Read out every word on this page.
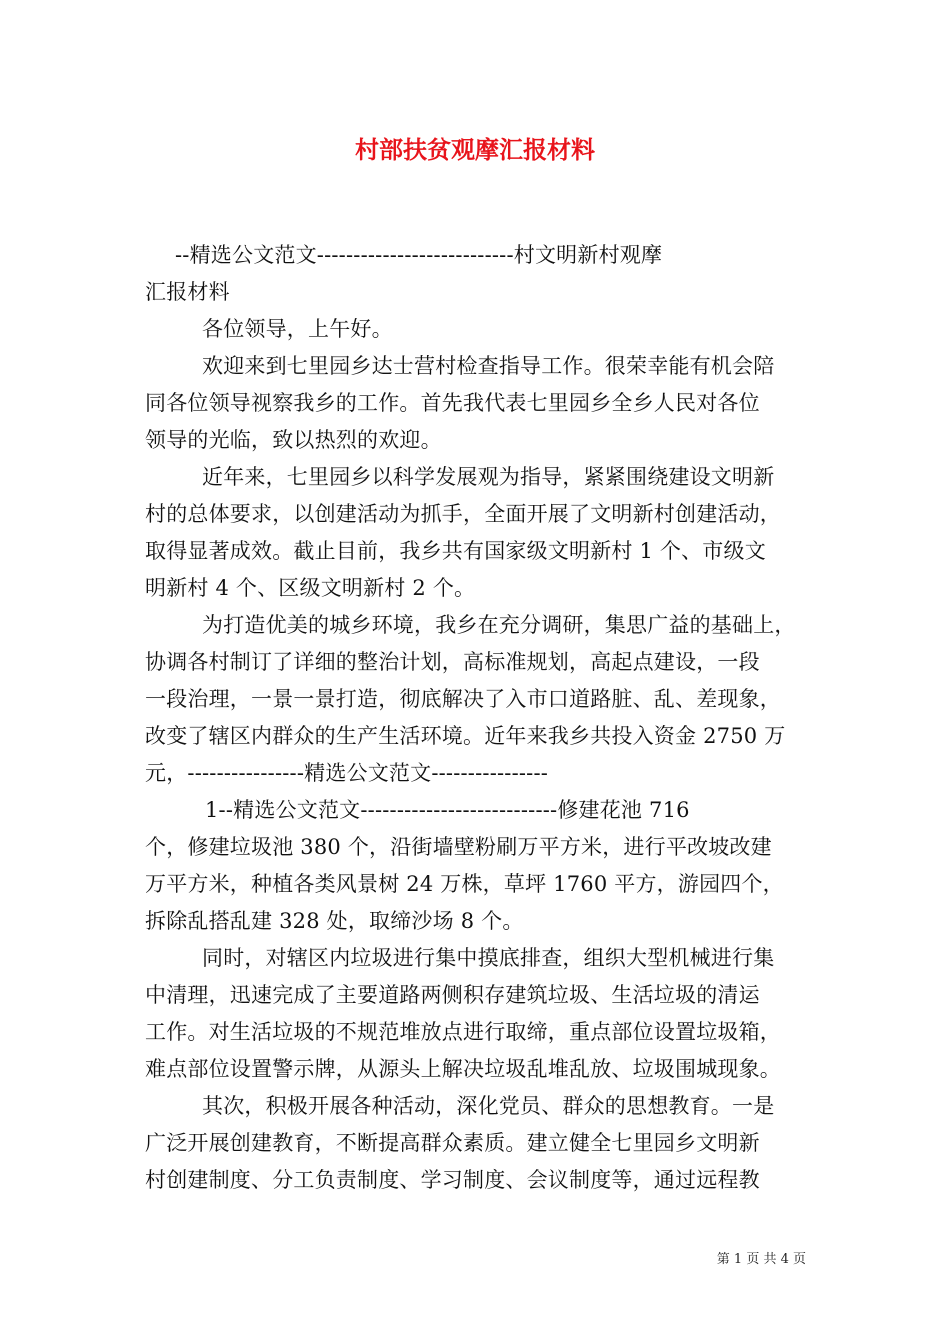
村部扶贫观摩汇报材料
--精选公文范文---------------------------村文明新村观摩
汇报材料
各位领导，上午好。
欢迎来到七里园乡达士营村检查指导工作。很荣幸能有机会陪
同各位领导视察我乡的工作。首先我代表七里园乡全乡人民对各位
领导的光临，致以热烈的欢迎。
近年来，七里园乡以科学发展观为指导，紧紧围绕建设文明新
村的总体要求，以创建活动为抓手，全面开展了文明新村创建活动，
取得显著成效。截止目前，我乡共有国家级文明新村 1 个、市级文
明新村 4 个、区级文明新村 2 个。
为打造优美的城乡环境，我乡在充分调研，集思广益的基础上，
协调各村制订了详细的整治计划，高标准规划，高起点建设，一段
一段治理，一景一景打造，彻底解决了入市口道路脏、乱、差现象，
改变了辖区内群众的生产生活环境。近年来我乡共投入资金 2750 万
元，----------------精选公文范文----------------
1--精选公文范文---------------------------修建花池 716
个，修建垃圾池 380 个，沿街墙壁粉刷万平方米，进行平改坡改建
万平方米，种植各类风景树 24 万株，草坪 1760 平方，游园四个，
拆除乱搭乱建 328 处，取缔沙场 8 个。
同时，对辖区内垃圾进行集中摸底排查，组织大型机械进行集
中清理，迅速完成了主要道路两侧积存建筑垃圾、生活垃圾的清运
工作。对生活垃圾的不规范堆放点进行取缔，重点部位设置垃圾箱，
难点部位设置警示牌，从源头上解决垃圾乱堆乱放、垃圾围城现象。
其次，积极开展各种活动，深化党员、群众的思想教育。一是
广泛开展创建教育，不断提高群众素质。建立健全七里园乡文明新
村创建制度、分工负责制度、学习制度、会议制度等，通过远程教
第 1 页 共 4 页
